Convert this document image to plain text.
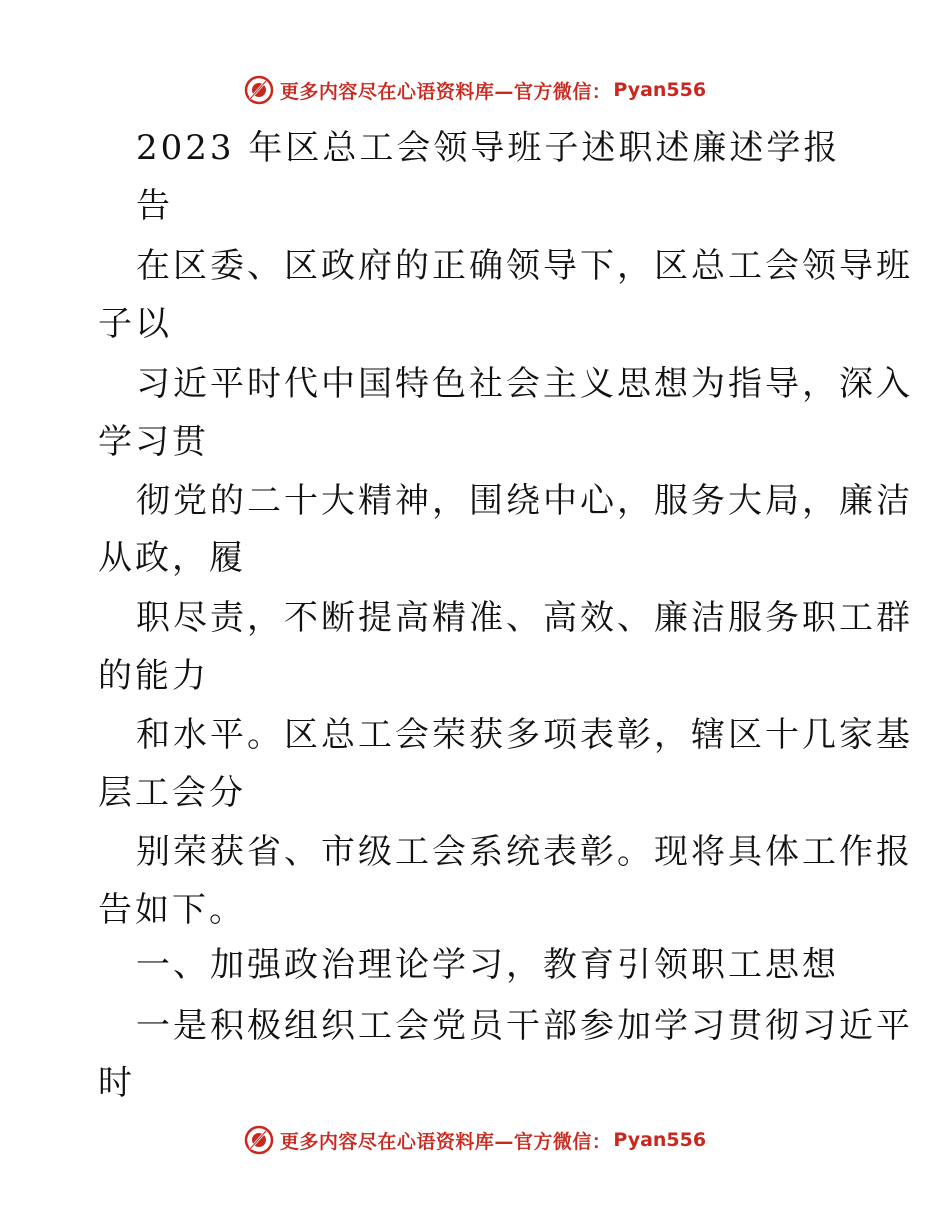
更多内容尽在心语资料库—官方微信： Pyan556
2023 年区总工会领导班子述职述廉述学报
告
在区委、区政府的正确领导下，区总工会领导班
子以
习近平时代中国特色社会主义思想为指导，深入
学习贯
彻党的二十大精神，围绕中心，服务大局，廉洁
从政，履
职尽责，不断提高精准、高效、廉洁服务职工群
的能力
和水平。区总工会荣获多项表彰，辖区十几家基
层工会分
别荣获省、市级工会系统表彰。现将具体工作报
告如下。
一、加强政治理论学习，教育引领职工思想
一是积极组织工会党员干部参加学习贯彻习近平
时
更多内容尽在心语资料库—官方微信： Pyan556
